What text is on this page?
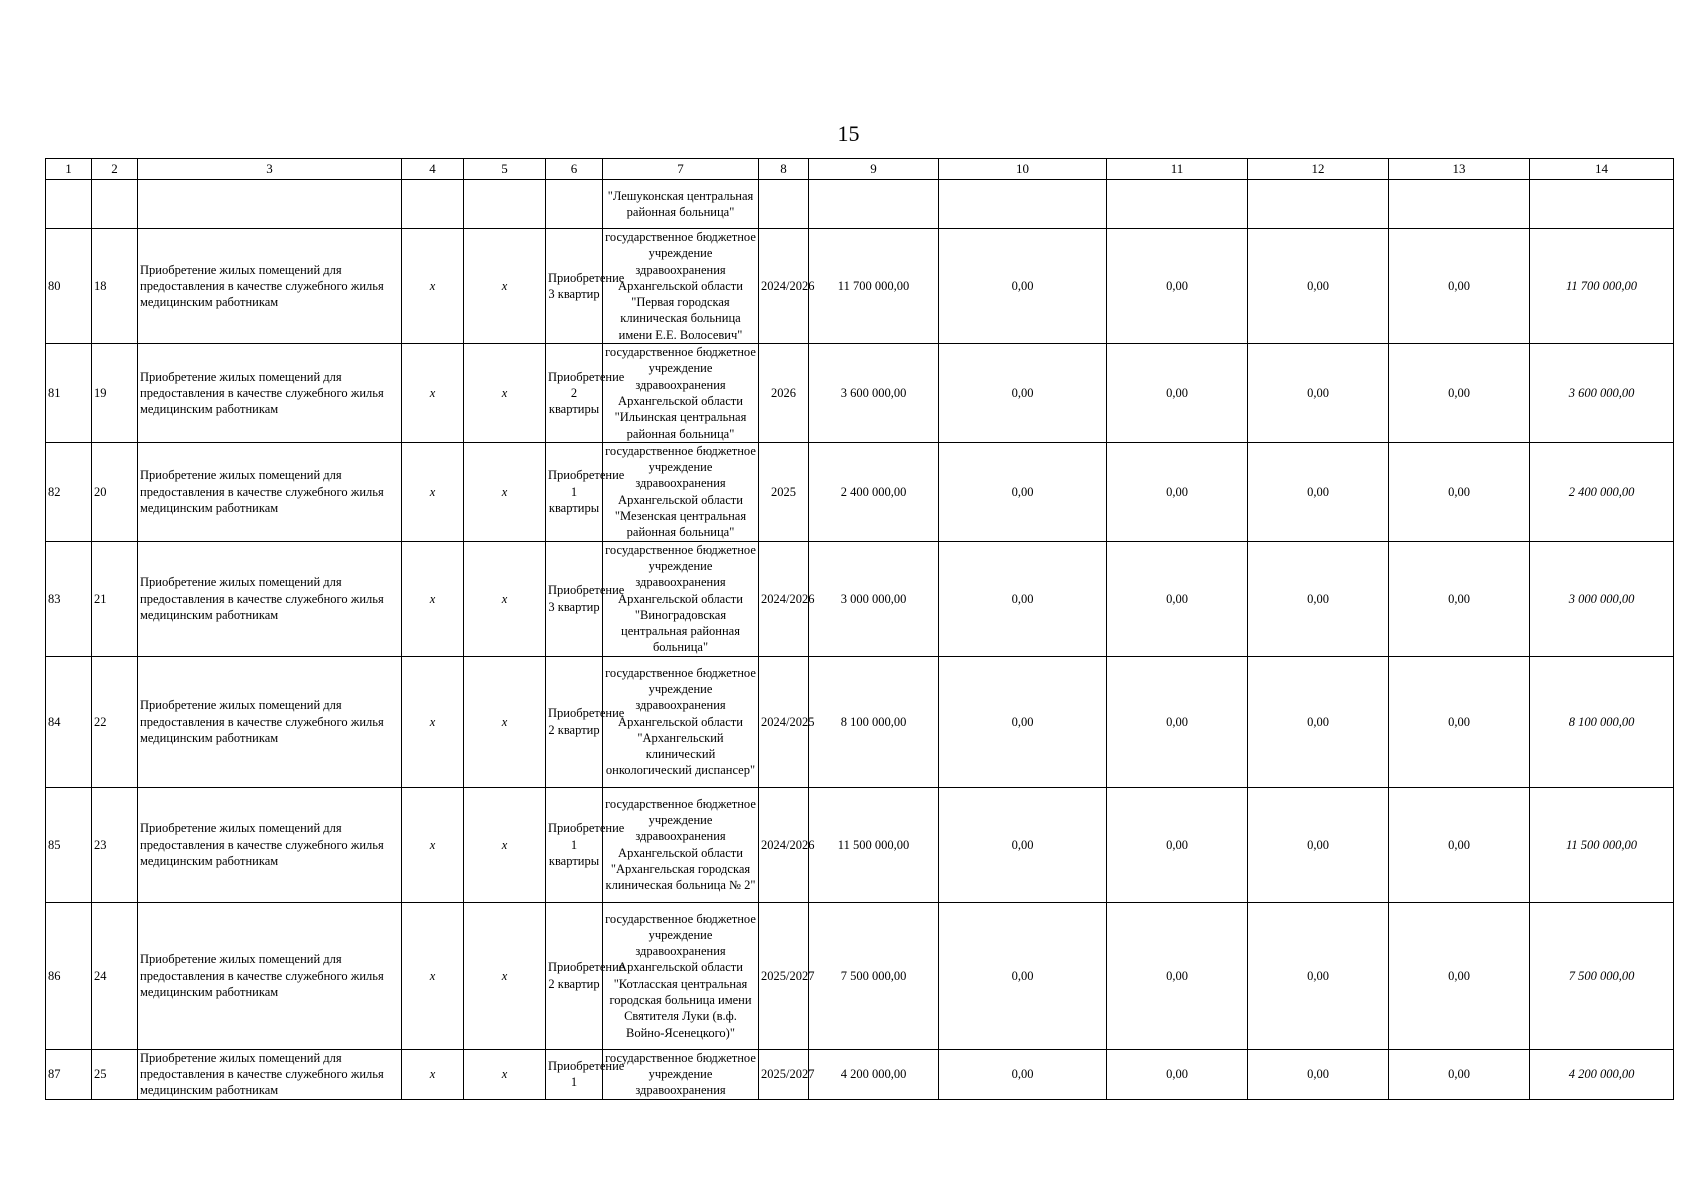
15
1	2	3	4	5	6	7	8	9	10	11	12	13	14
						"Лешуконская центральная районная больница"							
80	18	Приобретение жилых помещений для предоставления в качестве служебного жилья медицинским работникам	х	х	Приобретение 3 квартир	государственное бюджетное учреждение здравоохранения Архангельской области "Первая городская клиническая больница имени Е.Е. Волосевич"	2024/2026	11 700 000,00	0,00	0,00	0,00	0,00	11 700 000,00
81	19	Приобретение жилых помещений для предоставления в качестве служебного жилья медицинским работникам	х	х	Приобретение 2 квартиры	государственное бюджетное учреждение здравоохранения Архангельской области "Ильинская центральная районная больница"	2026	3 600 000,00	0,00	0,00	0,00	0,00	3 600 000,00
82	20	Приобретение жилых помещений для предоставления в качестве служебного жилья медицинским работникам	х	х	Приобретение 1 квартиры	государственное бюджетное учреждение здравоохранения Архангельской области "Мезенская центральная районная больница"	2025	2 400 000,00	0,00	0,00	0,00	0,00	2 400 000,00
83	21	Приобретение жилых помещений для предоставления в качестве служебного жилья медицинским работникам	х	х	Приобретение 3 квартир	государственное бюджетное учреждение здравоохранения Архангельской области "Виноградовская центральная районная больница"	2024/2026	3 000 000,00	0,00	0,00	0,00	0,00	3 000 000,00
84	22	Приобретение жилых помещений для предоставления в качестве служебного жилья медицинским работникам	х	х	Приобретение 2 квартир	государственное бюджетное учреждение здравоохранения Архангельской области "Архангельский клинический онкологический диспансер"	2024/2025	8 100 000,00	0,00	0,00	0,00	0,00	8 100 000,00
85	23	Приобретение жилых помещений для предоставления в качестве служебного жилья медицинским работникам	х	х	Приобретение 1 квартиры	государственное бюджетное учреждение здравоохранения Архангельской области "Архангельская городская клиническая больница № 2"	2024/2026	11 500 000,00	0,00	0,00	0,00	0,00	11 500 000,00
86	24	Приобретение жилых помещений для предоставления в качестве служебного жилья медицинским работникам	х	х	Приобретение 2 квартир	государственное бюджетное учреждение здравоохранения Архангельской области "Котласская центральная городская больница имени Святителя Луки (в.ф. Войно-Ясенецкого)"	2025/2027	7 500 000,00	0,00	0,00	0,00	0,00	7 500 000,00
87	25	Приобретение жилых помещений для предоставления в качестве служебного жилья медицинским работникам	х	х	Приобретение 1	государственное бюджетное учреждение здравоохранения	2025/2027	4 200 000,00	0,00	0,00	0,00	0,00	4 200 000,00
